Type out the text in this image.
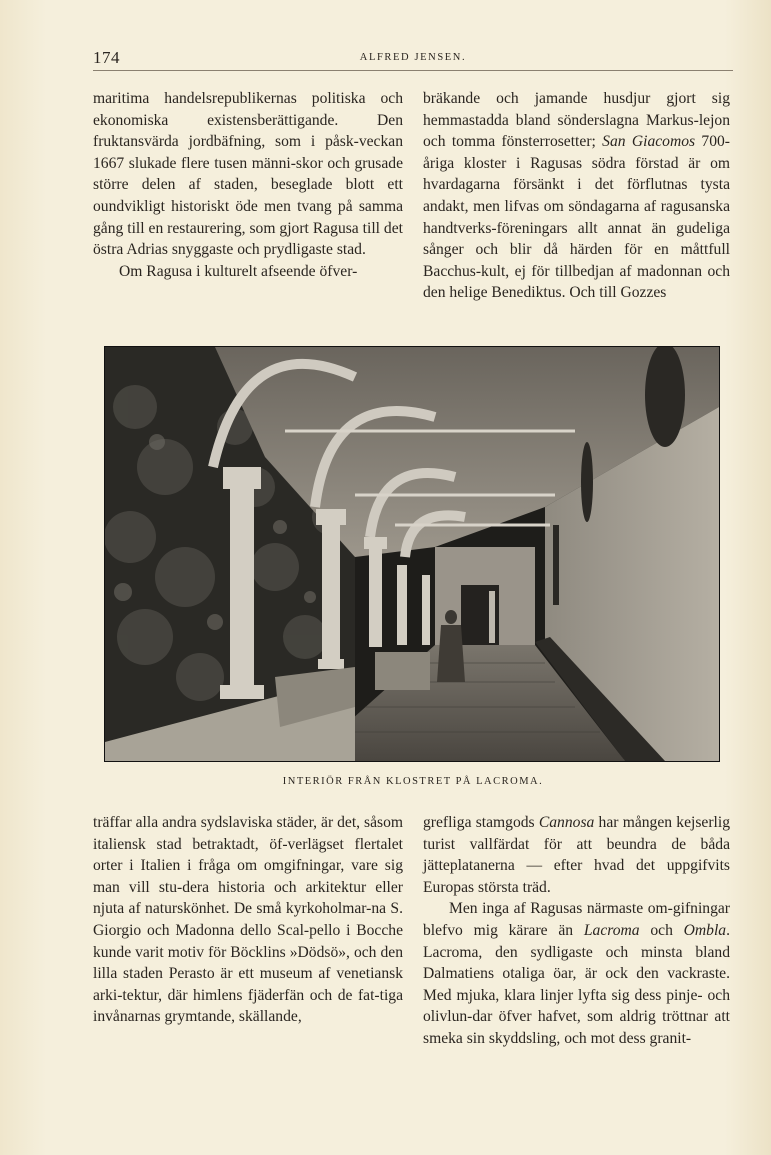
174	ALFRED JENSEN.

maritima handelsrepublikernas politiska och ekonomiska existensberättigande. Den fruktansvärda jordbäfning, som i påsk-veckan 1667 slukade flere tusen männi-skor och grusade större delen af staden, beseglade blott ett oundvikligt historiskt öde men tvang på samma gång till en restaurering, som gjort Ragusa till det östra Adrias snyggaste och prydligaste stad.

Om Ragusa i kulturelt afseende öfver-

bräkande och jamande husdjur gjort sig hemmastadda bland sönderslagna Markus-lejon och tomma fönsterrosetter; San Giacomos 700-åriga kloster i Ragusas södra förstad är om hvardagarna försänkt i det förflutnas tysta andakt, men lifvas om söndagarna af ragusanska handtverks-föreningars allt annat än gudeliga sånger och blir då härden för en måttfull Bacchus-kult, ej för tillbedjan af madonnan och den helige Benediktus. Och till Gozzes

INTERIÖR FRÅN KLOSTRET PÅ LACROMA.

träffar alla andra sydslaviska städer, är det, såsom italiensk stad betraktadt, öf-verlägset flertalet orter i Italien i fråga om omgifningar, vare sig man vill stu-dera historia och arkitektur eller njuta af naturskönhet. De små kyrkoholmar-na S. Giorgio och Madonna dello Scal-pello i Bocche kunde varit motiv för Böcklins »Dödsö», och den lilla staden Perasto är ett museum af venetiansk arki-tektur, där himlens fjäderfän och de fat-tiga invånarnas grymtande, skällande,

grefliga stamgods Cannosa har mången kejserlig turist vallfärdat för att beundra de båda jätteplatanerna — efter hvad det uppgifvits Europas största träd.

Men inga af Ragusas närmaste om-gifningar blefvo mig kärare än Lacroma och Ombla. Lacroma, den sydligaste och minsta bland Dalmatiens otaliga öar, är ock den vackraste. Med mjuka, klara linjer lyfta sig dess pinje- och olivlun-dar öfver hafvet, som aldrig tröttnar att smeka sin skyddsling, och mot dess granit-
